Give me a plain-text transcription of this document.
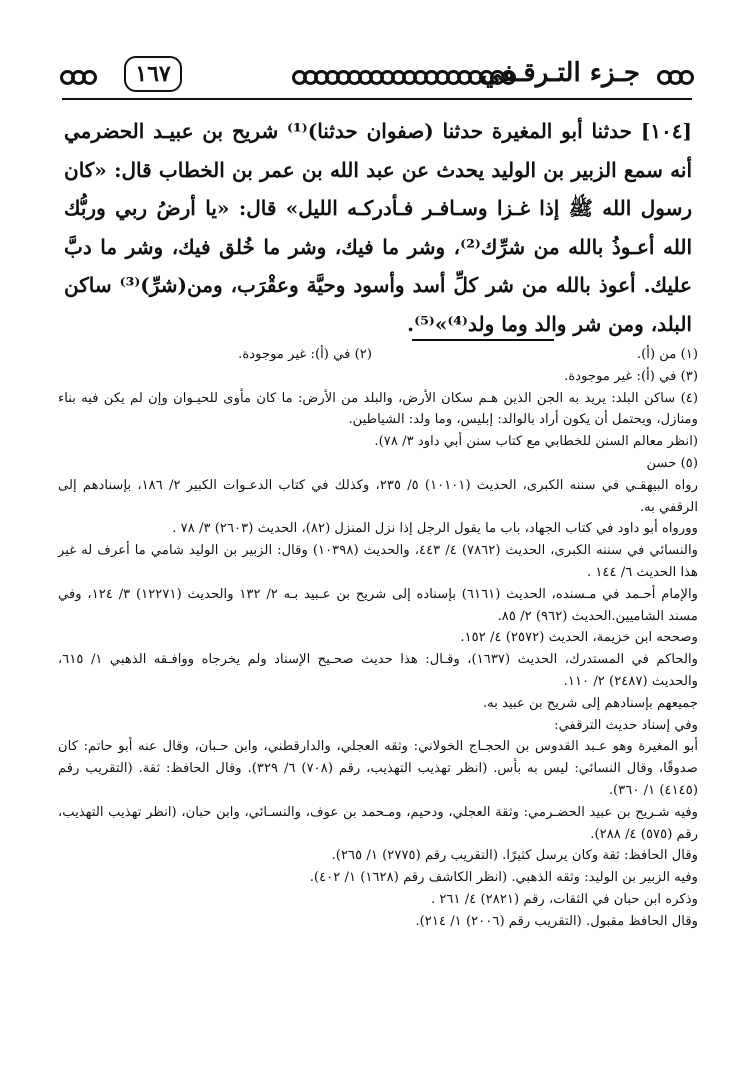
جـزء التـرقـفي
١٦٧
[١٠٤] حدثنا أبو المغيرة حدثنا (صفوان حدثنا)⁽¹⁾ شريح بن عبيـد الحضرمي أنه سمع الزبير بن الوليد يحدث عن عبد الله بن عمر بن الخطاب قال: «كان رسول الله ﷺ إذا غـزا وسـافـر فـأدركـه الليل» قال: «يا أرضُ ربي وربُّك الله أعـوذُ بالله من شرِّك⁽²⁾، وشر ما فيك، وشر ما خُلق فيك، وشر ما دبَّ عليك. أعوذ بالله من شر كلِّ أسد وأسود وحيَّة وعقْرَب، ومن(شرِّ)⁽³⁾ ساكن البلد، ومن شر والد وما ولد⁽⁴⁾»⁽⁵⁾.
(١) من (أ).
(٢) في (أ): غير موجودة.

(٣) في (أ): غير موجودة.

(٤) ساكن البلد: يريد به الجن الذين هـم سكان الأرض، والبلد من الأرض: ما كان مأوى للحيـوان وإن لم يكن فيه بناء ومنازل، ويحتمل أن يكون أراد بالوالد: إبليس، وما ولد: الشياطين.

(انظر معالم السنن للخطابي مع كتاب سنن أبي داود ٣/ ٧٨).

(٥) حسن

رواه البيهقـي في سننه الكبرى، الحديث (١٠١٠١) ٥/ ٢٣٥، وكذلك في كتاب الدعـوات الكبير ٢/ ١٨٦، بإسنادهم إلى الرقفي به.

وورواه أبو داود في كتاب الجهاد، باب ما يقول الرجل إذا نزل المنزل (٨٢)، الحديث (٢٦٠٣) ٣/ ٧٨ .

والنسائي في سننه الكبرى، الحديث (٧٨٦٢) ٤/ ٤٤٣، والحديث (١٠٣٩٨) وقال: الزبير بن الوليد شامي ما أعرف له غير هذا الحديث ٦/ ١٤٤ .

والإمام أحـمد في مـسنده، الحديث (٦١٦١) بإسناده إلى شريح بن عـبيد بـه ٢/ ١٣٢ والحديث (١٢٢٧١) ٣/ ١٢٤، وفي مسند الشاميين.الحديث (٩٦٢) ٢/ ٨٥.

وصححه ابن خزيمة، الحديث (٢٥٧٢) ٤/ ١٥٢.

والحاكم في المستدرك، الحديث (١٦٣٧)، وقـال: هذا حديث صحـيح الإسناد ولم يخرجاه ووافـقه الذهبي ١/ ٦١٥، والحديث (٢٤٨٧) ٢/ ١١٠.

جميعهم بإسنادهم إلى شريح بن عبيد به.

وفي إسناد حديث الترقفي:

أبو المغيرة وهو عـبد القدوس بن الحجـاج الخولاني: وثقه العجلي، والدارقطني، وابن حـبان، وقال عنه أبو حاتم: كان صدوقًا، وقال النسائي: ليس به بأس. (انظر تهذيب التهذيب، رقم (٧٠٨) ٦/ ٣٢٩). وقال الحافظ: ثقة. (التقريب رقم (٤١٤٥) ١/ ٣٦٠).

وفيه شـريح بن عبيد الحضـرمي: وثقة العجلي، ودحيم، ومـحمد بن عوف، والنسـائي، وابن حبان، (انظر تهذيب التهذيب، رقم (٥٧٥) ٤/ ٢٨٨).

وقال الحافظ: ثقة وكان يرسل كثيرًا. (التقريب رقم (٢٧٧٥) ١/ ٢٦٥).

وفيه الزبير بن الوليد: وثقه الذهبي. (انظر الكاشف رقم (١٦٢٨) ١/ ٤٠٢).

وذكره ابن حبان في الثقات، رقم (٢٨٢١) ٤/ ٢٦١ .

وقال الحافظ مقبول. (التقريب رقم (٢٠٠٦) ١/ ٢١٤).
